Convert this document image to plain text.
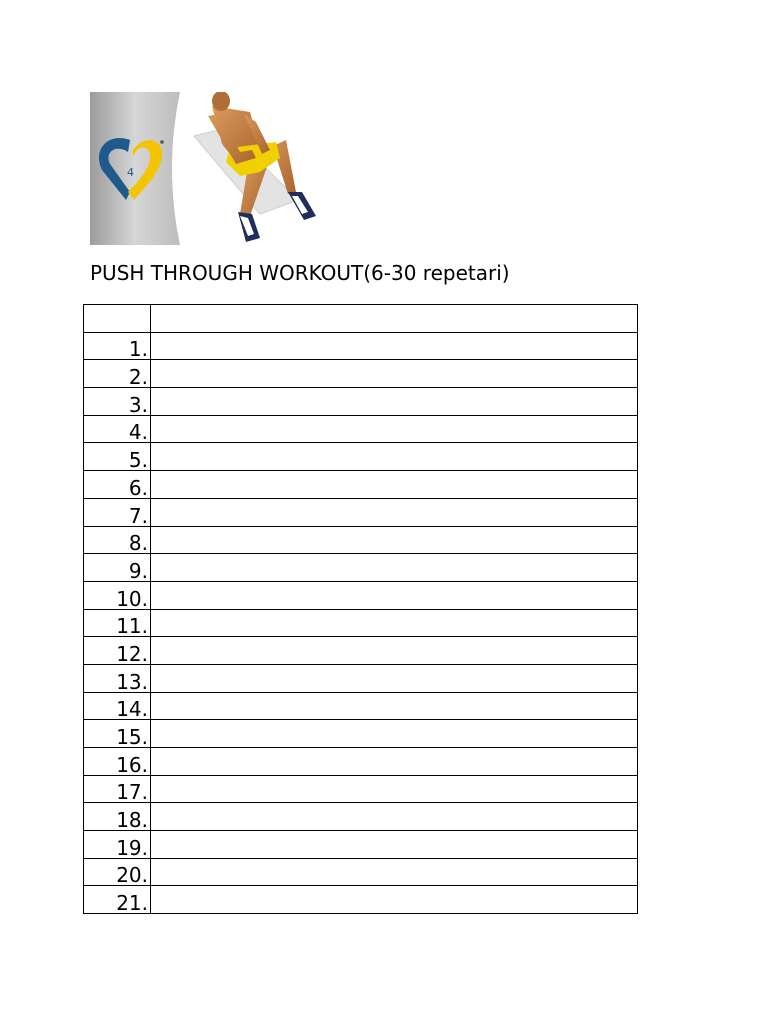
4
PUSH THROUGH WORKOUT(6-30 repetari)

1.	
2.	
3.	
4.	
5.	
6.	
7.	
8.	
9.	
10.	
11.	
12.	
13.	
14.	
15.	
16.	
17.	
18.	
19.	
20.	
21.	
